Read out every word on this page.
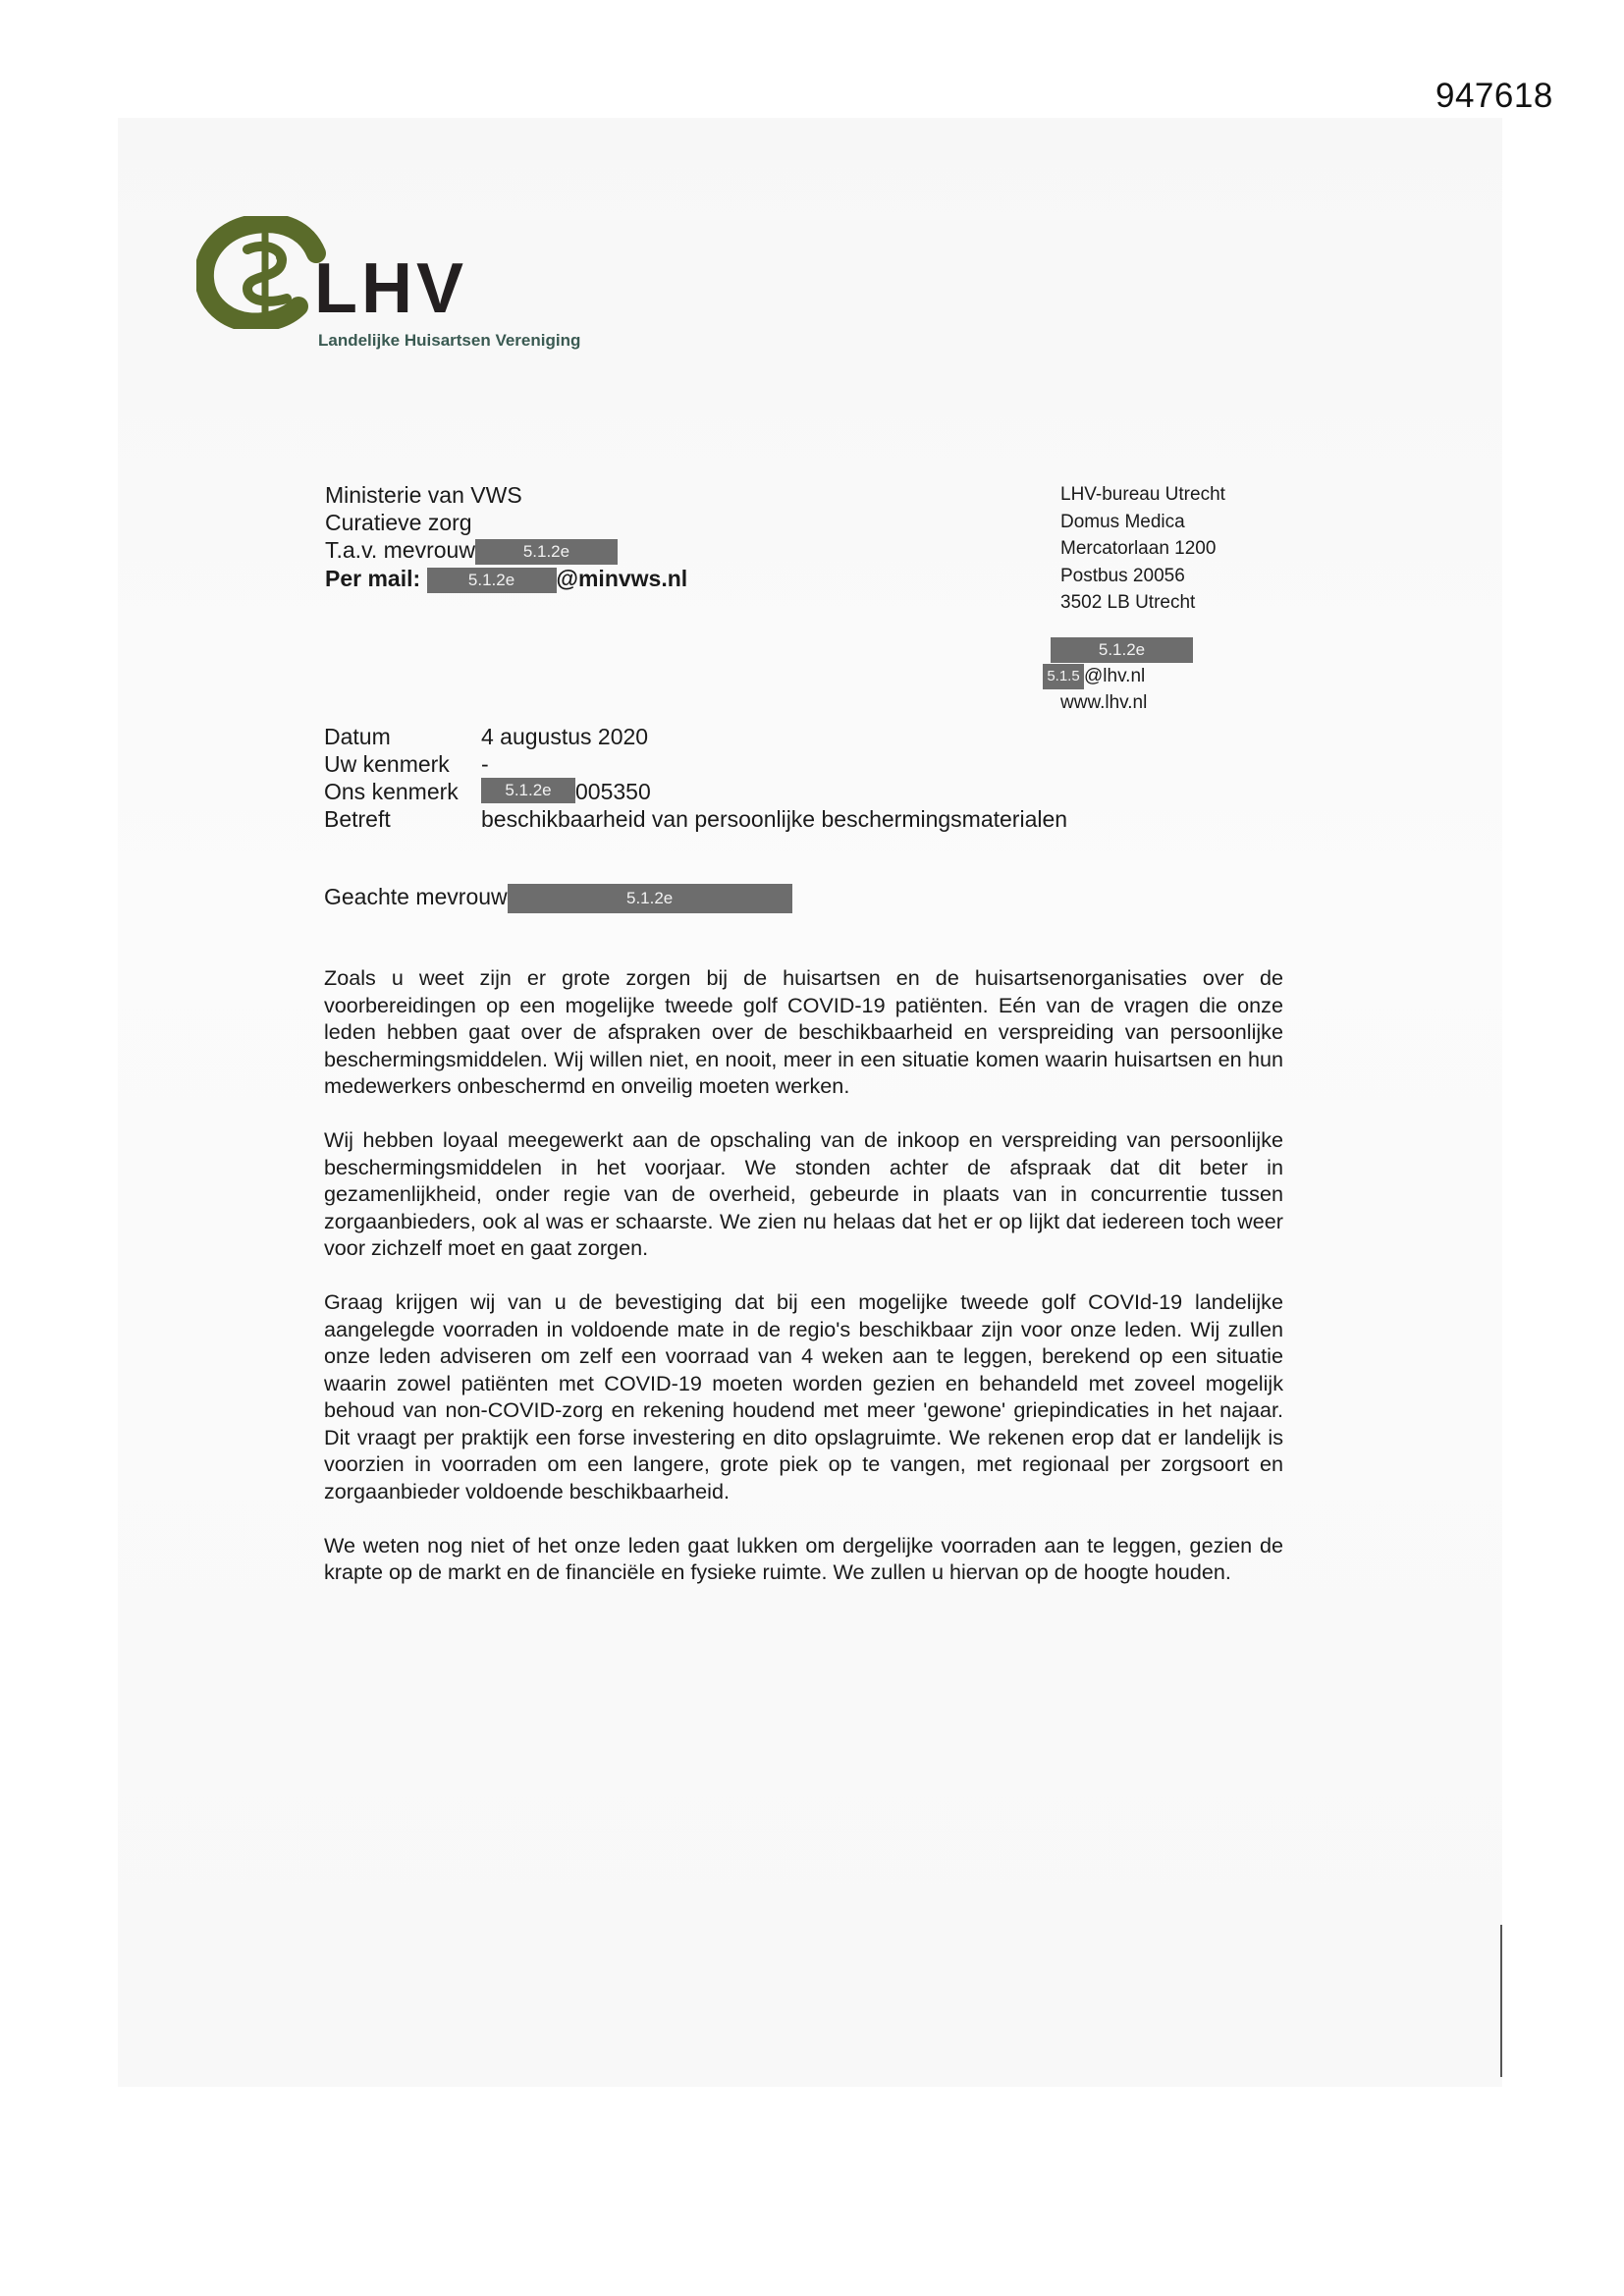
947618
LHV
Landelijke Huisartsen Vereniging
Ministerie van VWS
Curatieve zorg
T.a.v. mevrouw	5.1.2e
Per mail:	5.1.2e @minvws.nl
LHV-bureau Utrecht
Domus Medica
Mercatorlaan 1200
Postbus 20056
3502 LB Utrecht
5.1.2e
5.1.5 @lhv.nl
www.lhv.nl
Datum	4 augustus 2020
Uw kenmerk	-
Ons kenmerk	5.1.2e	005350
Betreft	beschikbaarheid van persoonlijke beschermingsmaterialen
Geachte mevrouw	5.1.2e

Zoals u weet zijn er grote zorgen bij de huisartsen en de huisartsenorganisaties over de voorbereidingen op een mogelijke tweede golf COVID-19 patiënten. Eén van de vragen die onze leden hebben gaat over de afspraken over de beschikbaarheid en verspreiding van persoonlijke beschermingsmiddelen. Wij willen niet, en nooit, meer in een situatie komen waarin huisartsen en hun medewerkers onbeschermd en onveilig moeten werken.

Wij hebben loyaal meegewerkt aan de opschaling van de inkoop en verspreiding van persoonlijke beschermingsmiddelen in het voorjaar. We stonden achter de afspraak dat dit beter in gezamenlijkheid, onder regie van de overheid, gebeurde in plaats van in concurrentie tussen zorgaanbieders, ook al was er schaarste. We zien nu helaas dat het er op lijkt dat iedereen toch weer voor zichzelf moet en gaat zorgen.

Graag krijgen wij van u de bevestiging dat bij een mogelijke tweede golf COVId-19 landelijke aangelegde voorraden in voldoende mate in de regio's beschikbaar zijn voor onze leden. Wij zullen onze leden adviseren om zelf een voorraad van 4 weken aan te leggen, berekend op een situatie waarin zowel patiënten met COVID-19 moeten worden gezien en behandeld met zoveel mogelijk behoud van non-COVID-zorg en rekening houdend met meer 'gewone' griepindicaties in het najaar. Dit vraagt per praktijk een forse investering en dito opslagruimte. We rekenen erop dat er landelijk is voorzien in voorraden om een langere, grote piek op te vangen, met regionaal per zorgsoort en zorgaanbieder voldoende beschikbaarheid.

We weten nog niet of het onze leden gaat lukken om dergelijke voorraden aan te leggen, gezien de krapte op de markt en de financiële en fysieke ruimte. We zullen u hiervan op de hoogte houden.
